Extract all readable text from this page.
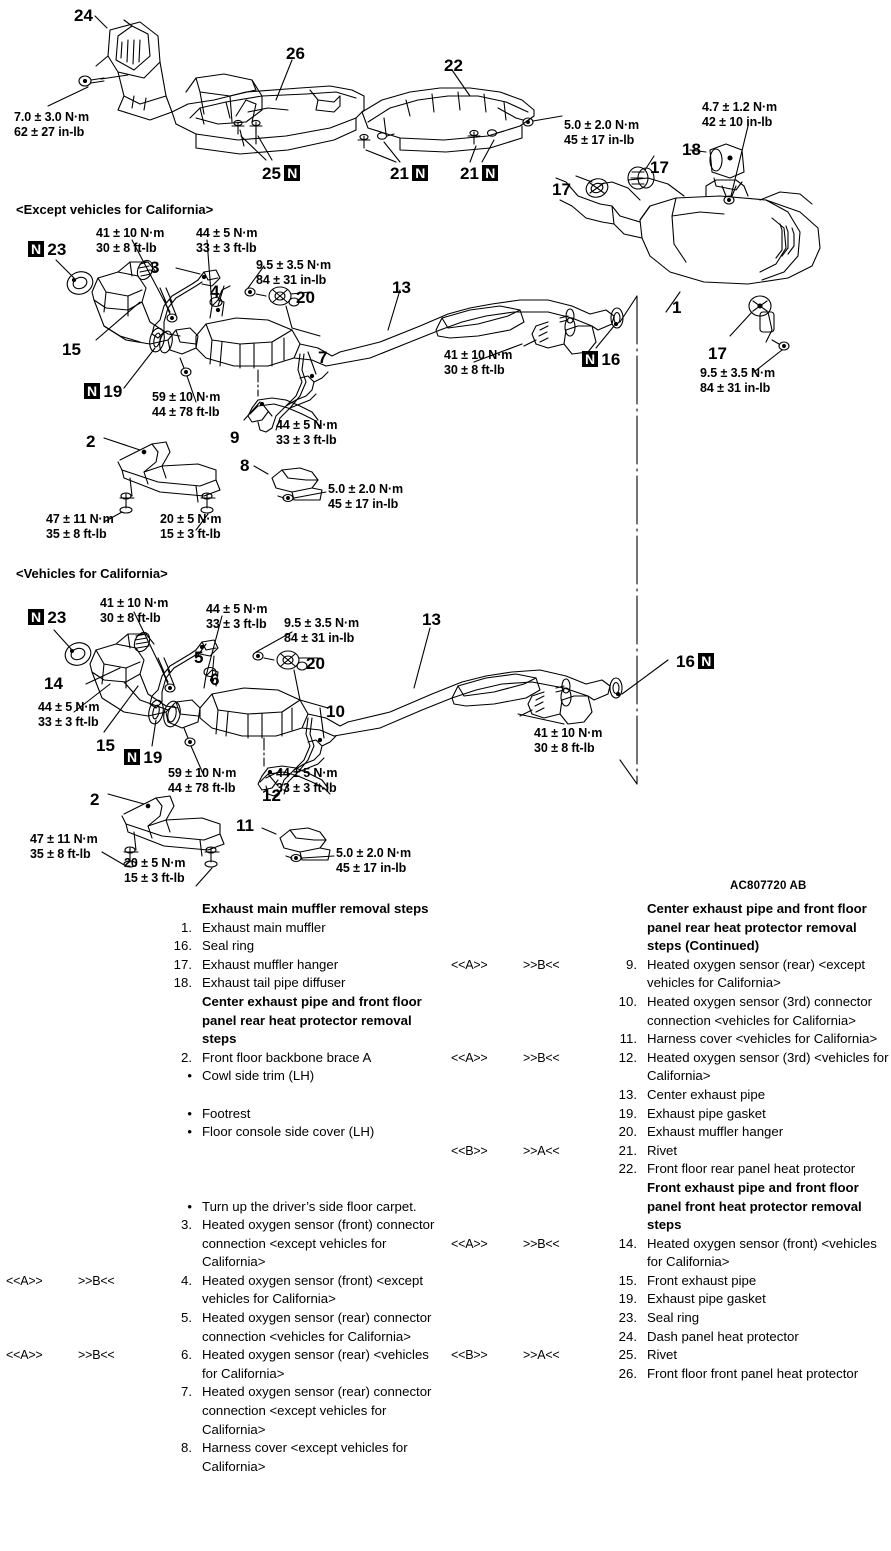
<Except vehicles for California>
<Vehicles for California>
AC807720 AB
7.0 ± 3.0 N·m
62 ± 27 in-lb
24
26
22
25  N	21  N 21  N
5.0 ± 2.0 N·m
45 ± 17 in-lb
4.7 ± 1.2 N·m
42 ± 10 in-lb
18
17
17
41 ± 10 N·m
30 ± 8 ft-lb
44 ± 5 N·m
33 ± 3 ft-lb
9.5 ± 3.5 N·m
84 ± 31 in-lb
N  23
3
4	20
13
1
17
15	7	41 ± 10 N·m
30 ± 8 ft-lb
N  16
9.5 ± 3.5 N·m
84 ± 31 in-lb
N  19 59 ± 10 N·m
44 ± 78 ft-lb
9
44 ± 5 N·m
33 ± 3 ft-lb
2
8
5.0 ± 2.0 N·m
45 ± 17 in-lb
47 ± 11 N·m
35 ± 8 ft-lb
20 ± 5 N·m
15 ± 3 ft-lb
41 ± 10 N·m
30 ± 8 ft-lb
44 ± 5 N·m
33 ± 3 ft-lb 9.5 ± 3.5 N·m
84 ± 31 in-lb
N  23	13
5	20
6
14
16  N
44 ± 5 N·m
33 ± 3 ft-lb
10
15
N  19
59 ± 10 N·m
44 ± 78 ft-lb
41 ± 10 N·m
30 ± 8 ft-lb
12
44 ± 5 N·m
33 ± 3 ft-lb
2
11
47 ± 11 N·m
35 ± 8 ft-lb
20 ± 5 N·m
15 ± 3 ft-lb
5.0 ± 2.0 N·m
45 ± 17 in-lb
Exhaust main muffler removal steps
1. Exhaust main muffler
16. Seal ring
17. Exhaust muffler hanger
18. Exhaust tail pipe diffuser
Center exhaust pipe and front floor panel rear heat protector removal steps
2. Front floor backbone brace A
• Cowl side trim (LH)
• Footrest
• Floor console side cover (LH)
• Turn up the driver’s side floor carpet.
3. Heated oxygen sensor (front) connector connection <except vehicles for California>
<<A>>	>>B<<	4. Heated oxygen sensor (front) <except vehicles for California>
5. Heated oxygen sensor (rear) connector connection <vehicles for California>
<<A>>	>>B<<	6. Heated oxygen sensor (rear) <vehicles for California>
7. Heated oxygen sensor (rear) connector connection <except vehicles for California>
8. Harness cover <except vehicles for California>
Center exhaust pipe and front floor panel rear heat protector removal steps (Continued)
<<A>>	>>B<<	9. Heated oxygen sensor (rear) <except vehicles for California>
10. Heated oxygen sensor (3rd) connector connection <vehicles for California>
11. Harness cover <vehicles for California>
<<A>>	>>B<<	12. Heated oxygen sensor (3rd) <vehicles for California>
13. Center exhaust pipe
19. Exhaust pipe gasket
20. Exhaust muffler hanger
<<B>>	>>A<<	21. Rivet
22. Front floor rear panel heat protector
Front exhaust pipe and front floor panel front heat protector removal steps
<<A>>	>>B<<	14. Heated oxygen sensor (front) <vehicles for California>
15. Front exhaust pipe
19. Exhaust pipe gasket
23. Seal ring
24. Dash panel heat protector
<<B>>	>>A<<	25. Rivet
26. Front floor front panel heat protector
